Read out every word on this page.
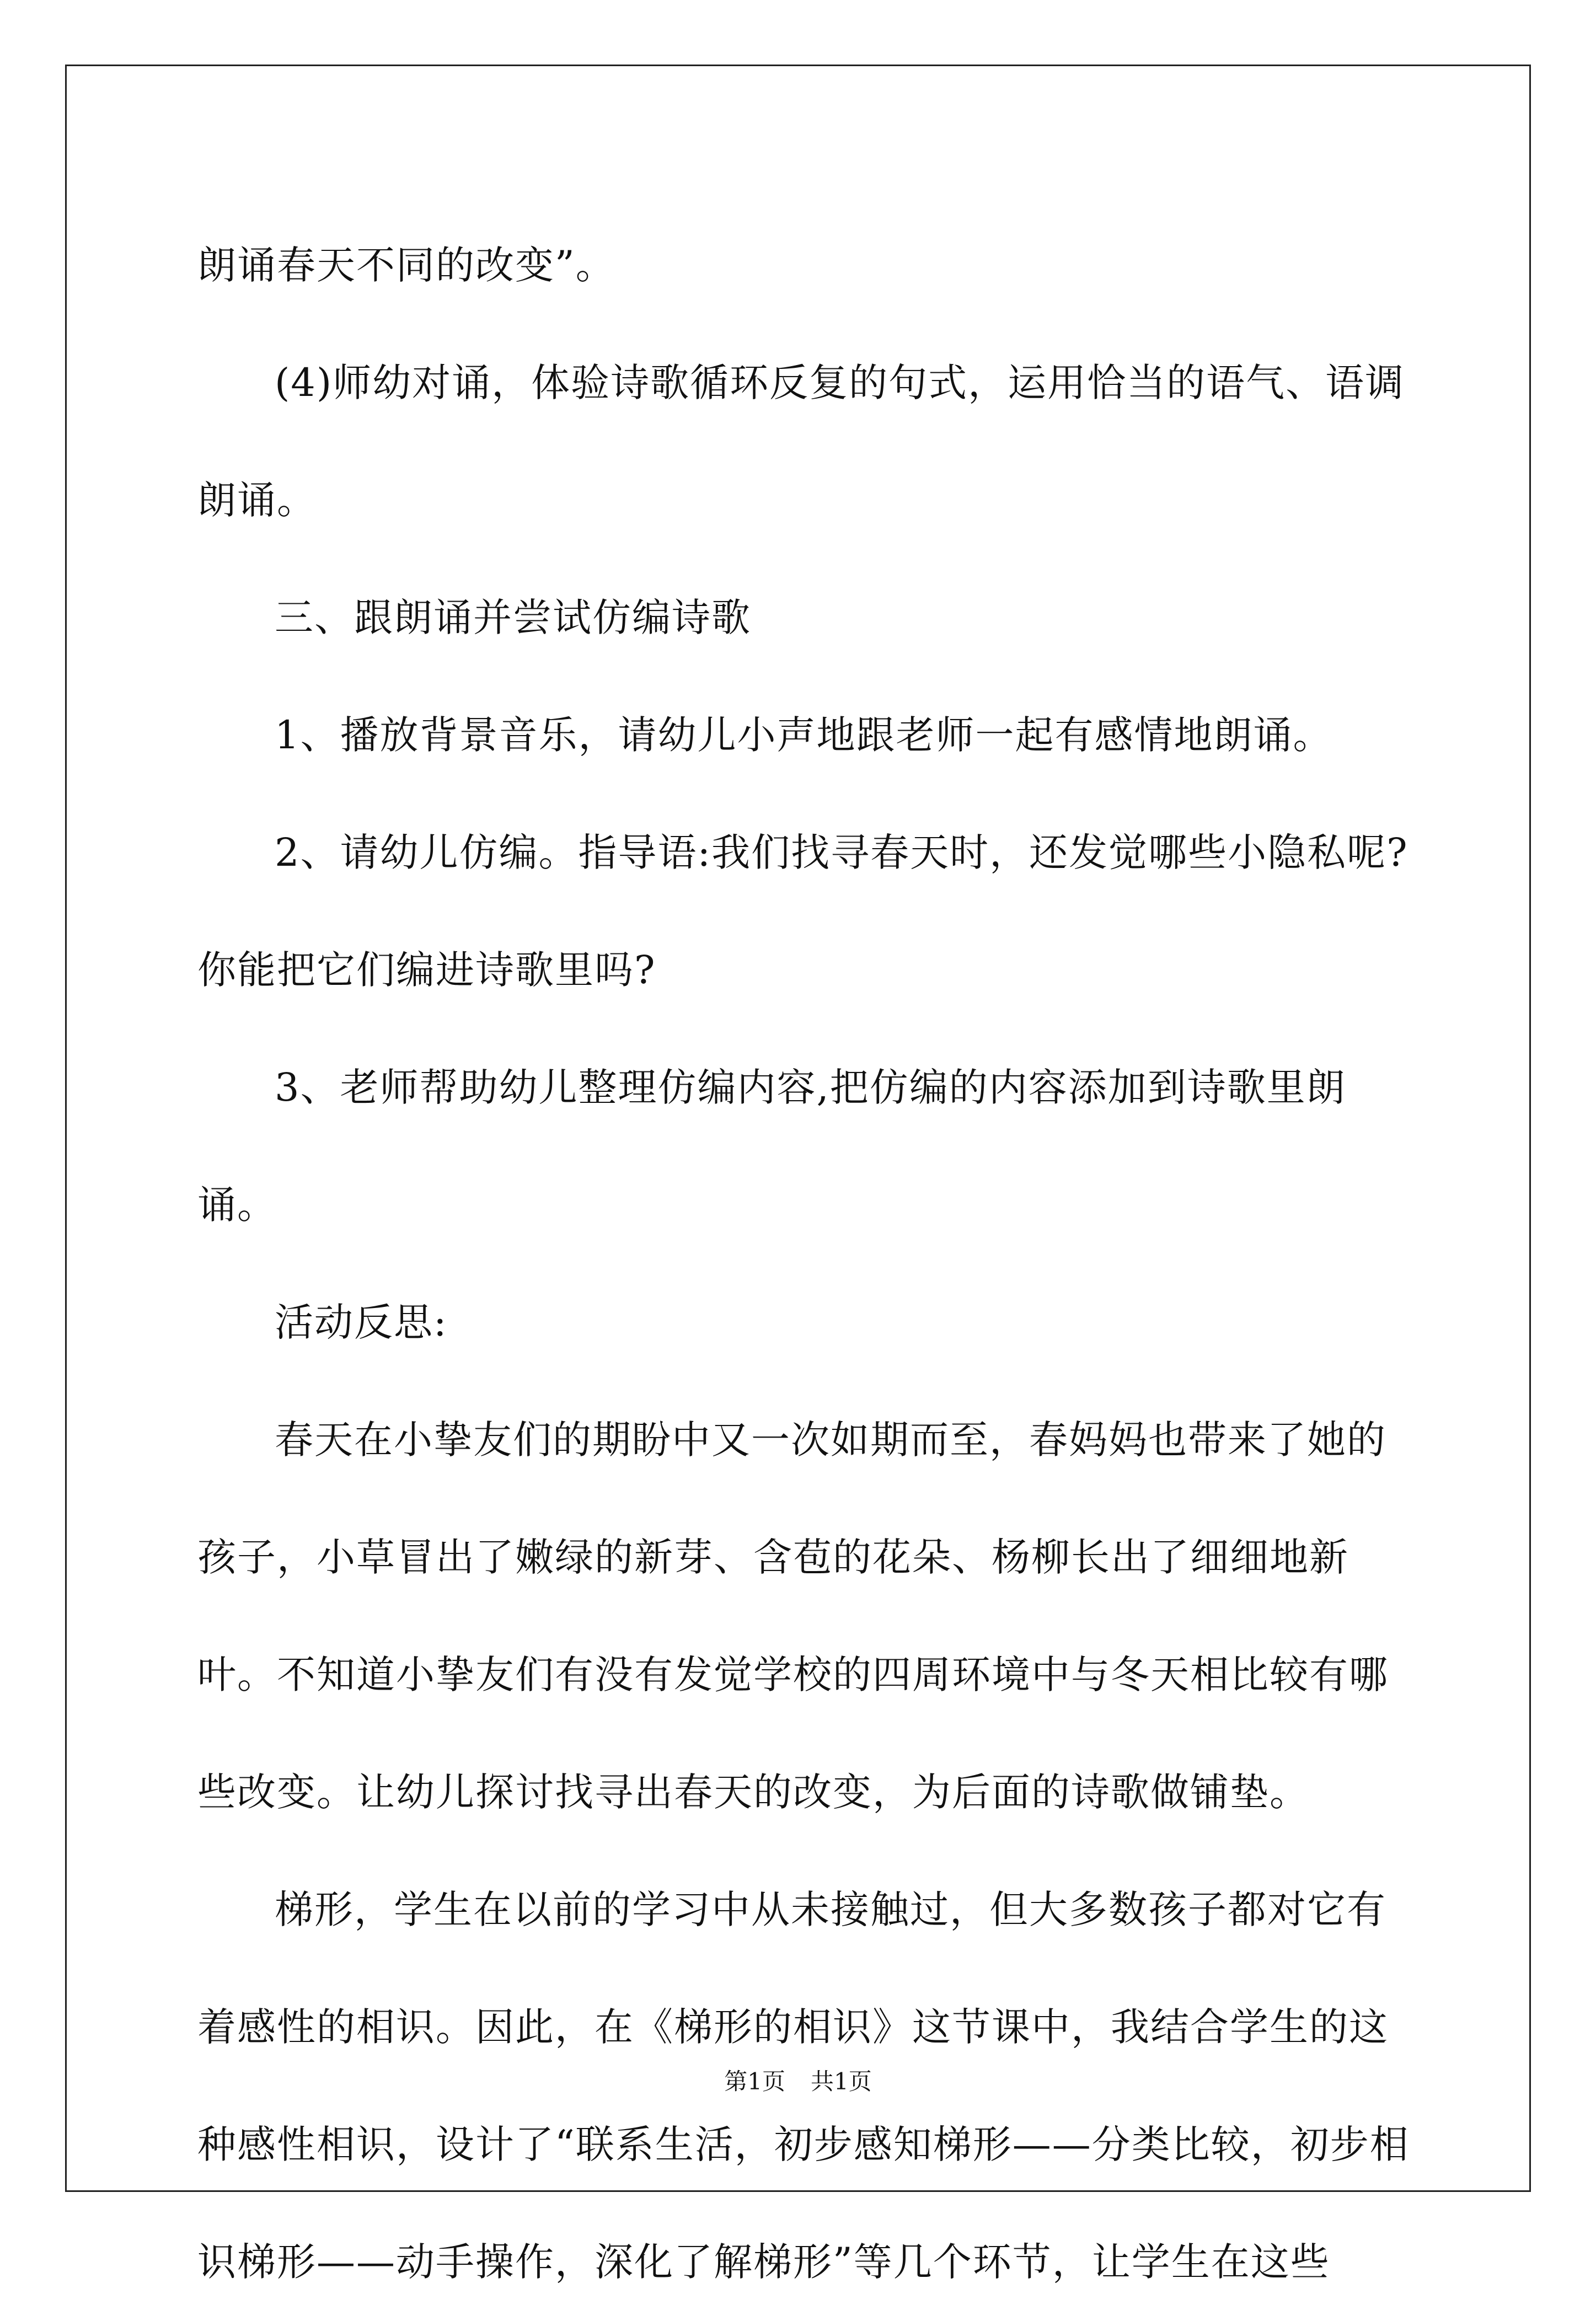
朗诵春天不同的改变”。

(4)师幼对诵，体验诗歌循环反复的句式，运用恰当的语气、语调朗诵。

三、跟朗诵并尝试仿编诗歌

1、播放背景音乐，请幼儿小声地跟老师一起有感情地朗诵。

2、请幼儿仿编。指导语:我们找寻春天时，还发觉哪些小隐私呢?你能把它们编进诗歌里吗?

3、老师帮助幼儿整理仿编内容,把仿编的内容添加到诗歌里朗诵。

活动反思:

春天在小挚友们的期盼中又一次如期而至，春妈妈也带来了她的孩子，小草冒出了嫩绿的新芽、含苞的花朵、杨柳长出了细细地新叶。不知道小挚友们有没有发觉学校的四周环境中与冬天相比较有哪些改变。让幼儿探讨找寻出春天的改变，为后面的诗歌做铺垫。

梯形，学生在以前的学习中从未接触过，但大多数孩子都对它有着感性的相识。因此，在《梯形的相识》这节课中，我结合学生的这种感性相识，设计了“联系生活，初步感知梯形——分类比较，初步相识梯形——动手操作，深化了解梯形”等几个环节，让学生在这些

第1页 共1页
